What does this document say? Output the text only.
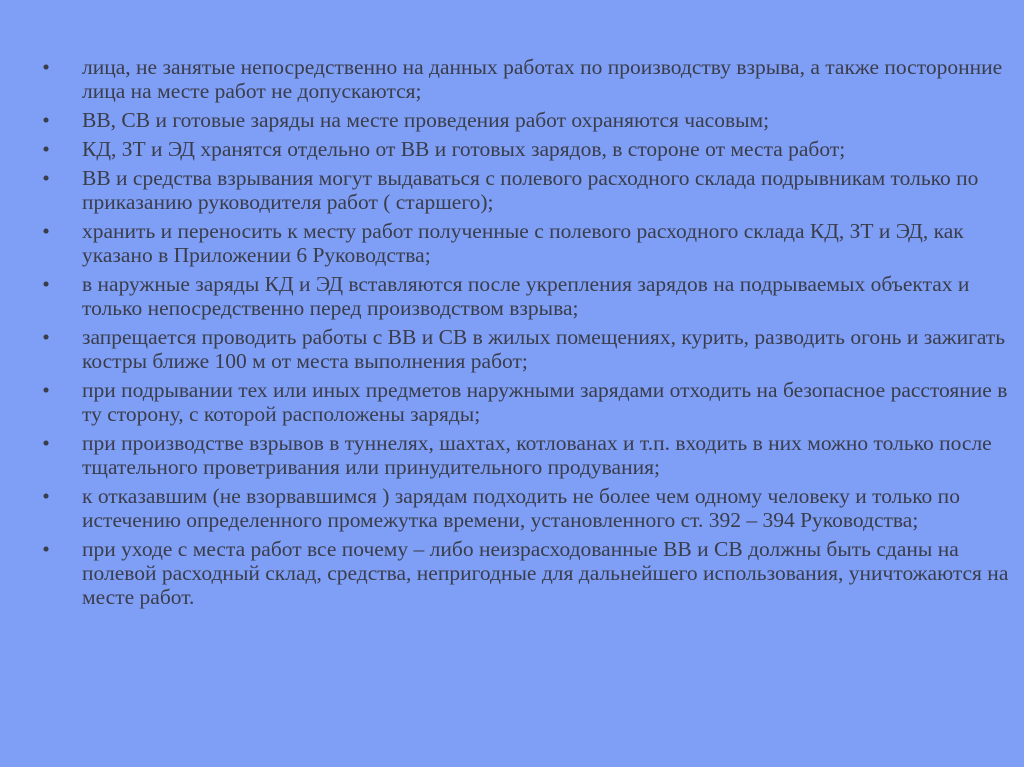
• лица, не занятые непосредственно на данных работах по производству взрыва, а также посторонние лица на месте работ не допускаются;
• ВВ, СВ и готовые заряды на месте проведения работ охраняются часовым;
• КД, ЗТ и ЭД хранятся отдельно от ВВ и готовых зарядов, в стороне от места работ;
• ВВ и средства взрывания могут выдаваться с полевого расходного склада подрывникам только по приказанию руководителя работ ( старшего);
• хранить и переносить к месту работ полученные с полевого расходного склада КД, ЗТ и ЭД, как указано в Приложении 6 Руководства;
• в наружные заряды КД и ЭД вставляются после укрепления зарядов на подрываемых объектах и только непосредственно перед производством взрыва;
• запрещается проводить работы с ВВ и СВ в жилых помещениях, курить, разводить огонь и зажигать костры ближе 100 м от места выполнения работ;
• при подрывании тех или иных предметов наружными зарядами отходить на безопасное расстояние в ту сторону, с которой расположены заряды;
• при производстве взрывов в туннелях, шахтах, котлованах и т.п. входить в них можно только после тщательного проветривания или принудительного продувания;
• к отказавшим (не взорвавшимся ) зарядам подходить не более чем одному человеку и только по истечению определенного промежутка времени, установленного ст. 392 – 394 Руководства;
• при уходе с места работ все почему – либо неизрасходованные ВВ и СВ должны быть сданы на полевой расходный склад, средства, непригодные для дальнейшего использования, уничтожаются на месте работ.
